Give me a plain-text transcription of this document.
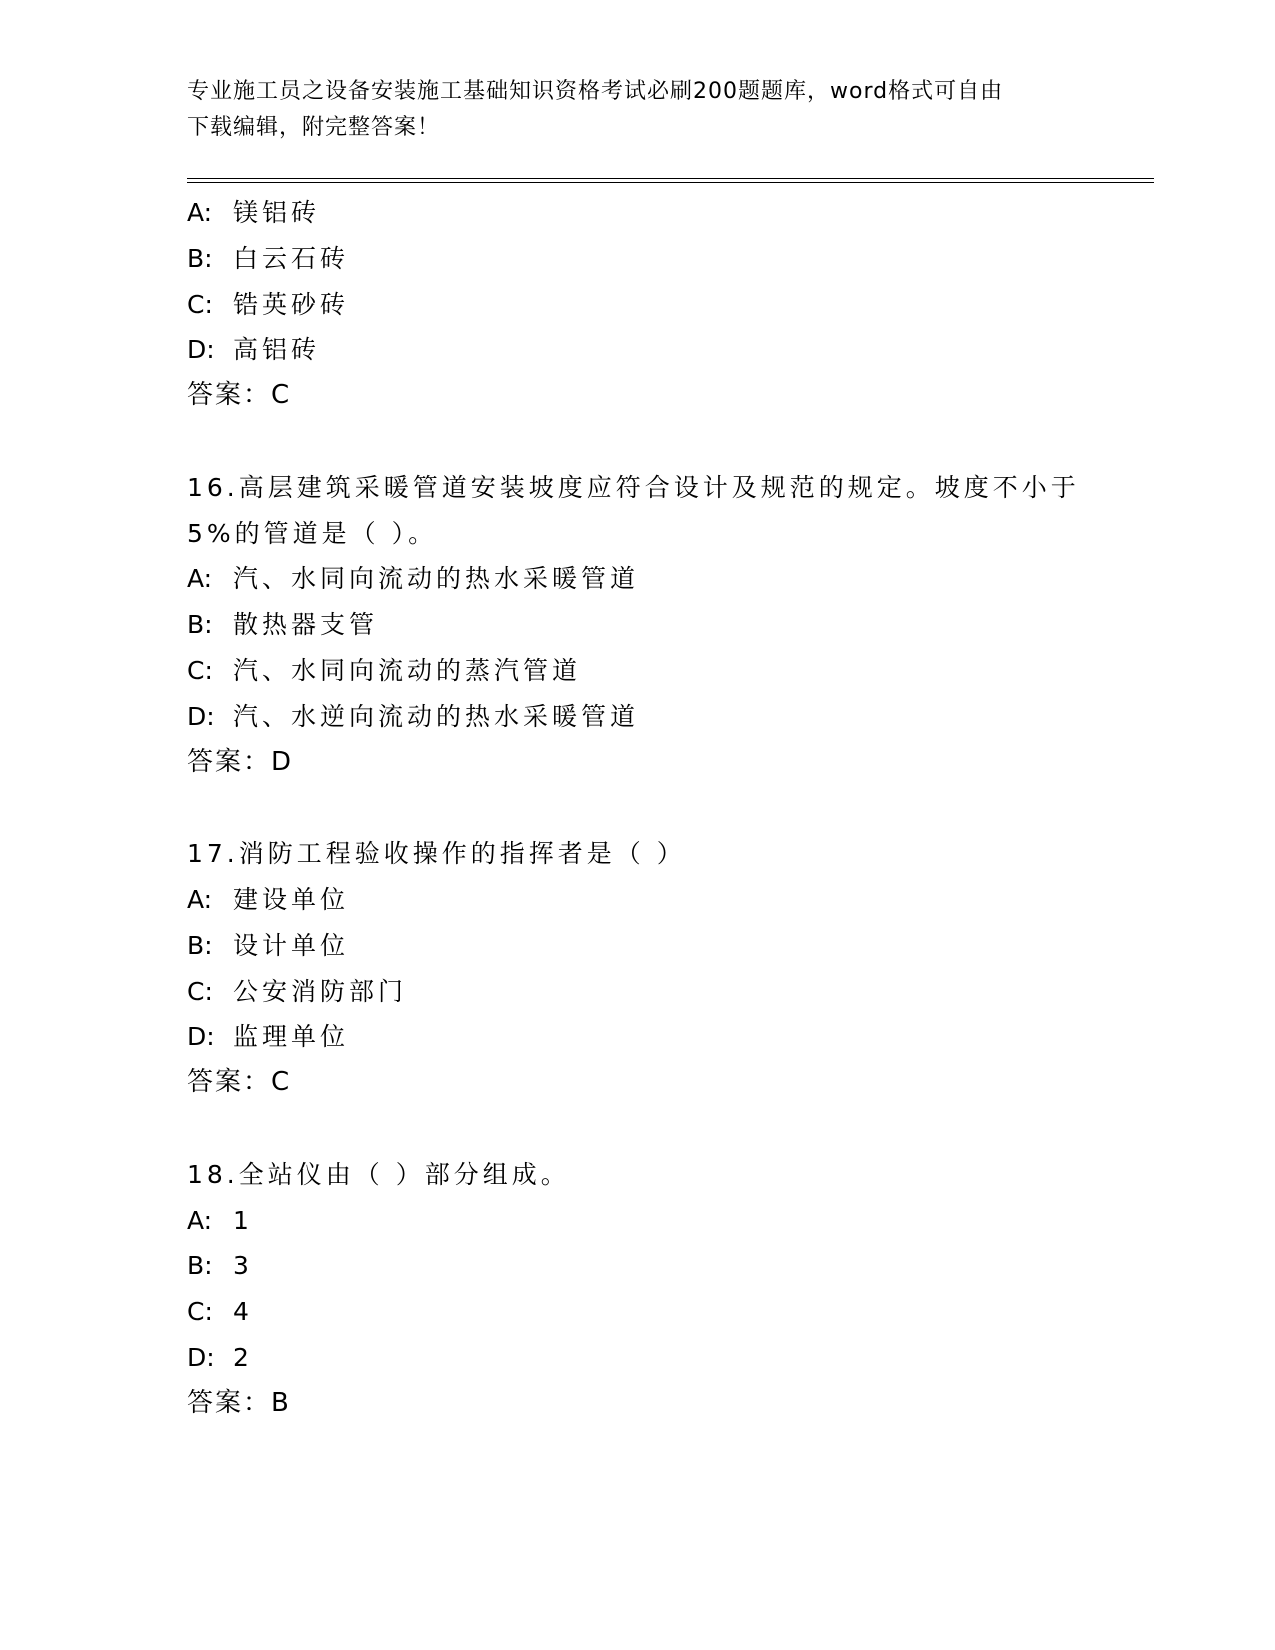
专业施工员之设备安装施工基础知识资格考试必刷200题题库，word格式可自由
下载编辑，附完整答案！
A: 镁铝砖
B: 白云石砖
C: 锆英砂砖
D: 高铝砖
答案：C
16.高层建筑采暖管道安装坡度应符合设计及规范的规定。坡度不小于
5%的管道是（ ）。
A: 汽、水同向流动的热水采暖管道
B: 散热器支管
C: 汽、水同向流动的蒸汽管道
D: 汽、水逆向流动的热水采暖管道
答案：D
17.消防工程验收操作的指挥者是（ ）
A: 建设单位
B: 设计单位
C: 公安消防部门
D: 监理单位
答案：C
18.全站仪由（ ）部分组成。
A: 1
B: 3
C: 4
D: 2
答案：B
